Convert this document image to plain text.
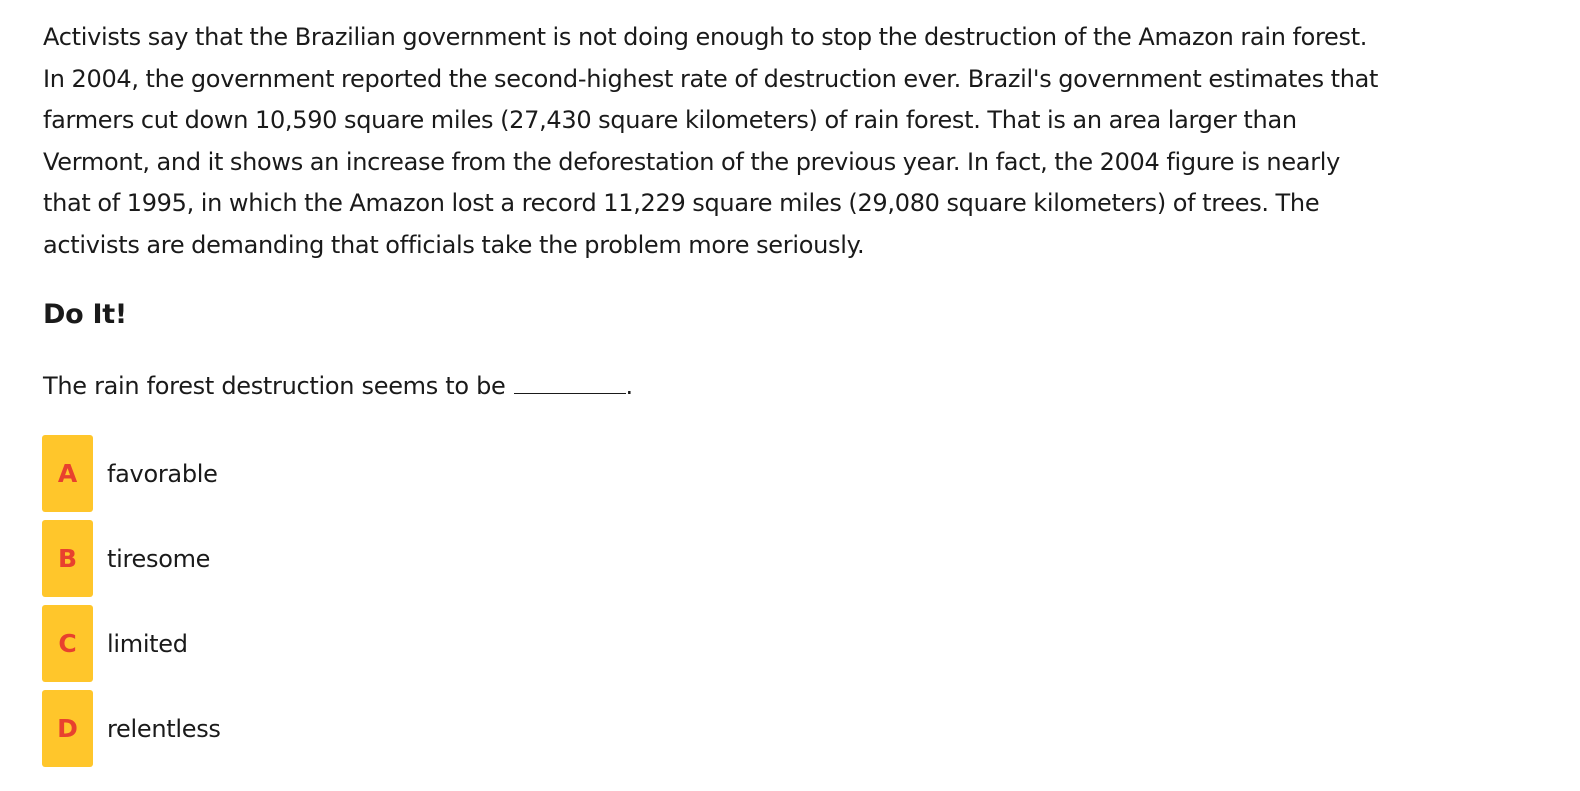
Activists say that the Brazilian government is not doing enough to stop the destruction of the Amazon rain forest.
In 2004, the government reported the second-highest rate of destruction ever. Brazil's government estimates that
farmers cut down 10,590 square miles (27,430 square kilometers) of rain forest. That is an area larger than
Vermont, and it shows an increase from the deforestation of the previous year. In fact, the 2004 figure is nearly
that of 1995, in which the Amazon lost a record 11,229 square miles (29,080 square kilometers) of trees. The
activists are demanding that officials take the problem more seriously.
Do It!
The rain forest destruction seems to be	.
A	favorable
B	tiresome
C	limited
D	relentless
